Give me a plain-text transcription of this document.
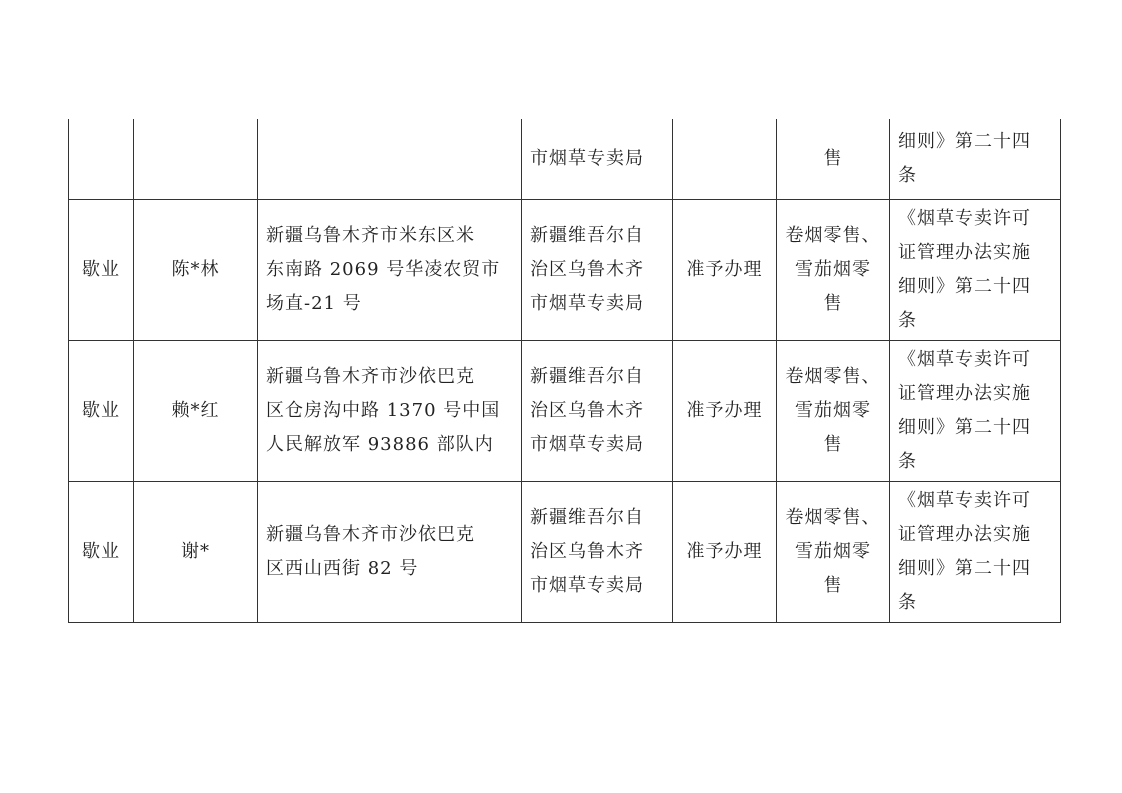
			市烟草专卖局		售	细则》第二十四
条

歇业	陈*林	新疆乌鲁木齐市米东区米
东南路 2069 号华凌农贸市
场直-21 号	新疆维吾尔自
治区乌鲁木齐
市烟草专卖局	准予办理	卷烟零售、
雪茄烟零
售	《烟草专卖许可
证管理办法实施
细则》第二十四
条

歇业	赖*红	新疆乌鲁木齐市沙依巴克
区仓房沟中路 1370 号中国
人民解放军 93886 部队内	新疆维吾尔自
治区乌鲁木齐
市烟草专卖局	准予办理	卷烟零售、
雪茄烟零
售	《烟草专卖许可
证管理办法实施
细则》第二十四
条

歇业	谢*	新疆乌鲁木齐市沙依巴克
区西山西街 82 号	新疆维吾尔自
治区乌鲁木齐
市烟草专卖局	准予办理	卷烟零售、
雪茄烟零
售	《烟草专卖许可
证管理办法实施
细则》第二十四
条
